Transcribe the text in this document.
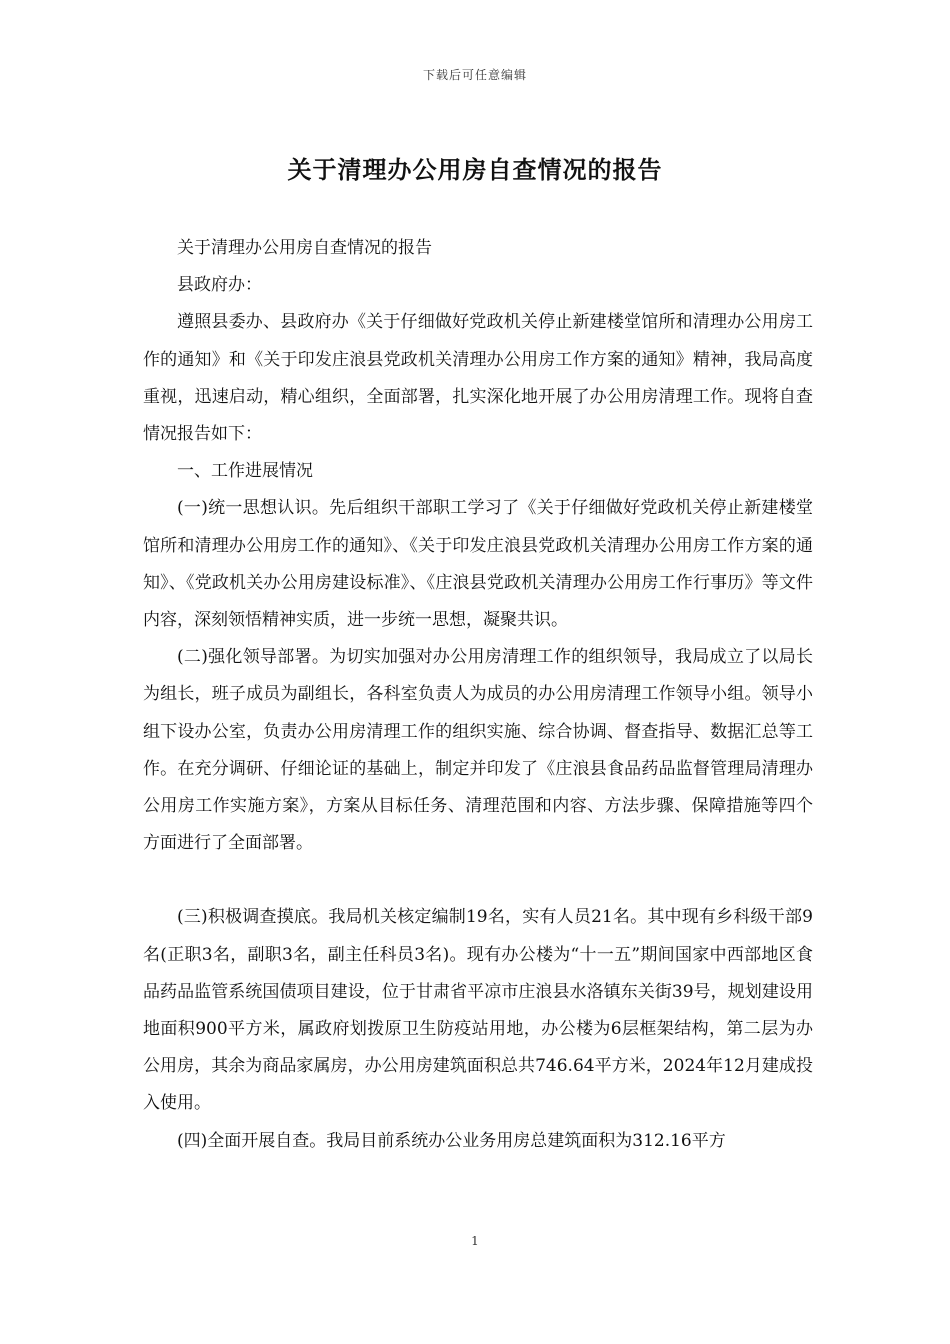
下载后可任意编辑
关于清理办公用房自查情况的报告

关于清理办公用房自查情况的报告

县政府办：

遵照县委办、县政府办《关于仔细做好党政机关停止新建楼堂馆所和清理办公用房工作的通知》和《关于印发庄浪县党政机关清理办公用房工作方案的通知》精神，我局高度重视，迅速启动，精心组织，全面部署，扎实深化地开展了办公用房清理工作。现将自查情况报告如下：

一、工作进展情况

(一)统一思想认识。先后组织干部职工学习了《关于仔细做好党政机关停止新建楼堂馆所和清理办公用房工作的通知》、《关于印发庄浪县党政机关清理办公用房工作方案的通知》、《党政机关办公用房建设标准》、《庄浪县党政机关清理办公用房工作行事历》等文件内容，深刻领悟精神实质，进一步统一思想，凝聚共识。

(二)强化领导部署。为切实加强对办公用房清理工作的组织领导，我局成立了以局长为组长，班子成员为副组长，各科室负责人为成员的办公用房清理工作领导小组。领导小组下设办公室，负责办公用房清理工作的组织实施、综合协调、督查指导、数据汇总等工作。在充分调研、仔细论证的基础上，制定并印发了《庄浪县食品药品监督管理局清理办公用房工作实施方案》，方案从目标任务、清理范围和内容、方法步骤、保障措施等四个方面进行了全面部署。

(三)积极调查摸底。我局机关核定编制19名，实有人员21名。其中现有乡科级干部9名(正职3名，副职3名，副主任科员3名)。现有办公楼为“十一五”期间国家中西部地区食品药品监管系统国债项目建设，位于甘肃省平凉市庄浪县水洛镇东关街39号，规划建设用地面积900平方米，属政府划拨原卫生防疫站用地，办公楼为6层框架结构，第二层为办公用房，其余为商品家属房，办公用房建筑面积总共746.64平方米，2024年12月建成投入使用。

(四)全面开展自查。我局目前系统办公业务用房总建筑面积为312.16平方

1
